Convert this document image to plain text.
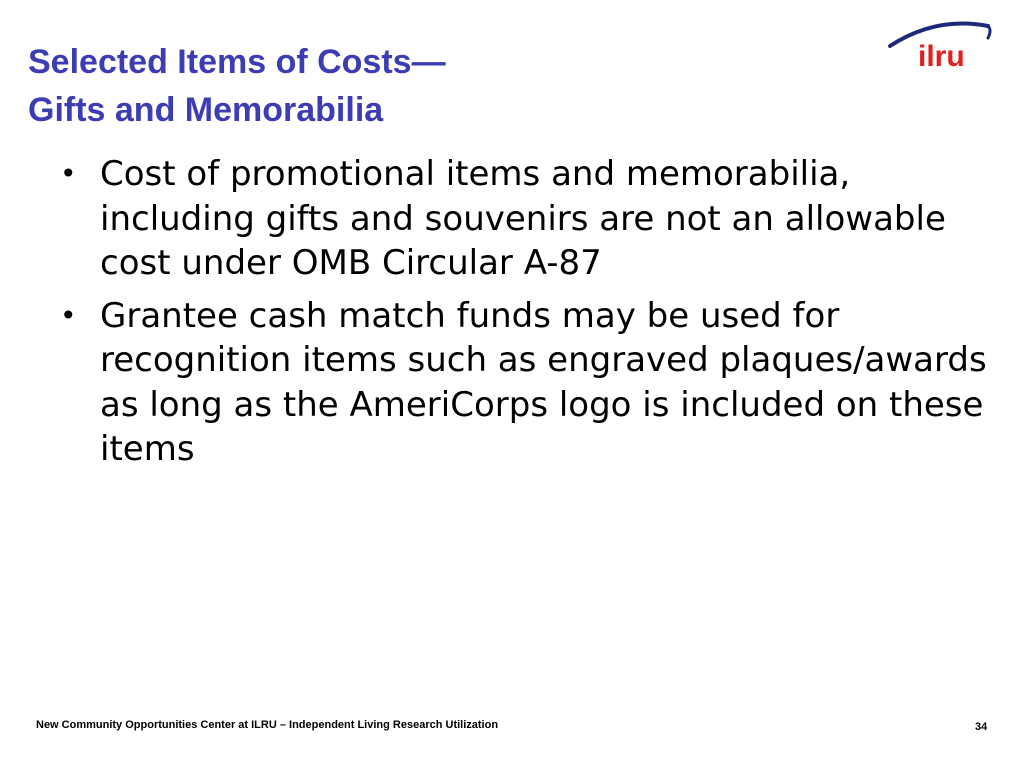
Selected Items of Costs—
Gifts and Memorabilia
ilru
• Cost of promotional items and memorabilia, including gifts and souvenirs are not an allowable cost under OMB Circular A-87
• Grantee cash match funds may be used for recognition items such as engraved plaques/awards as long as the AmeriCorps logo is included on these items
New Community Opportunities Center at ILRU – Independent Living Research Utilization	34
